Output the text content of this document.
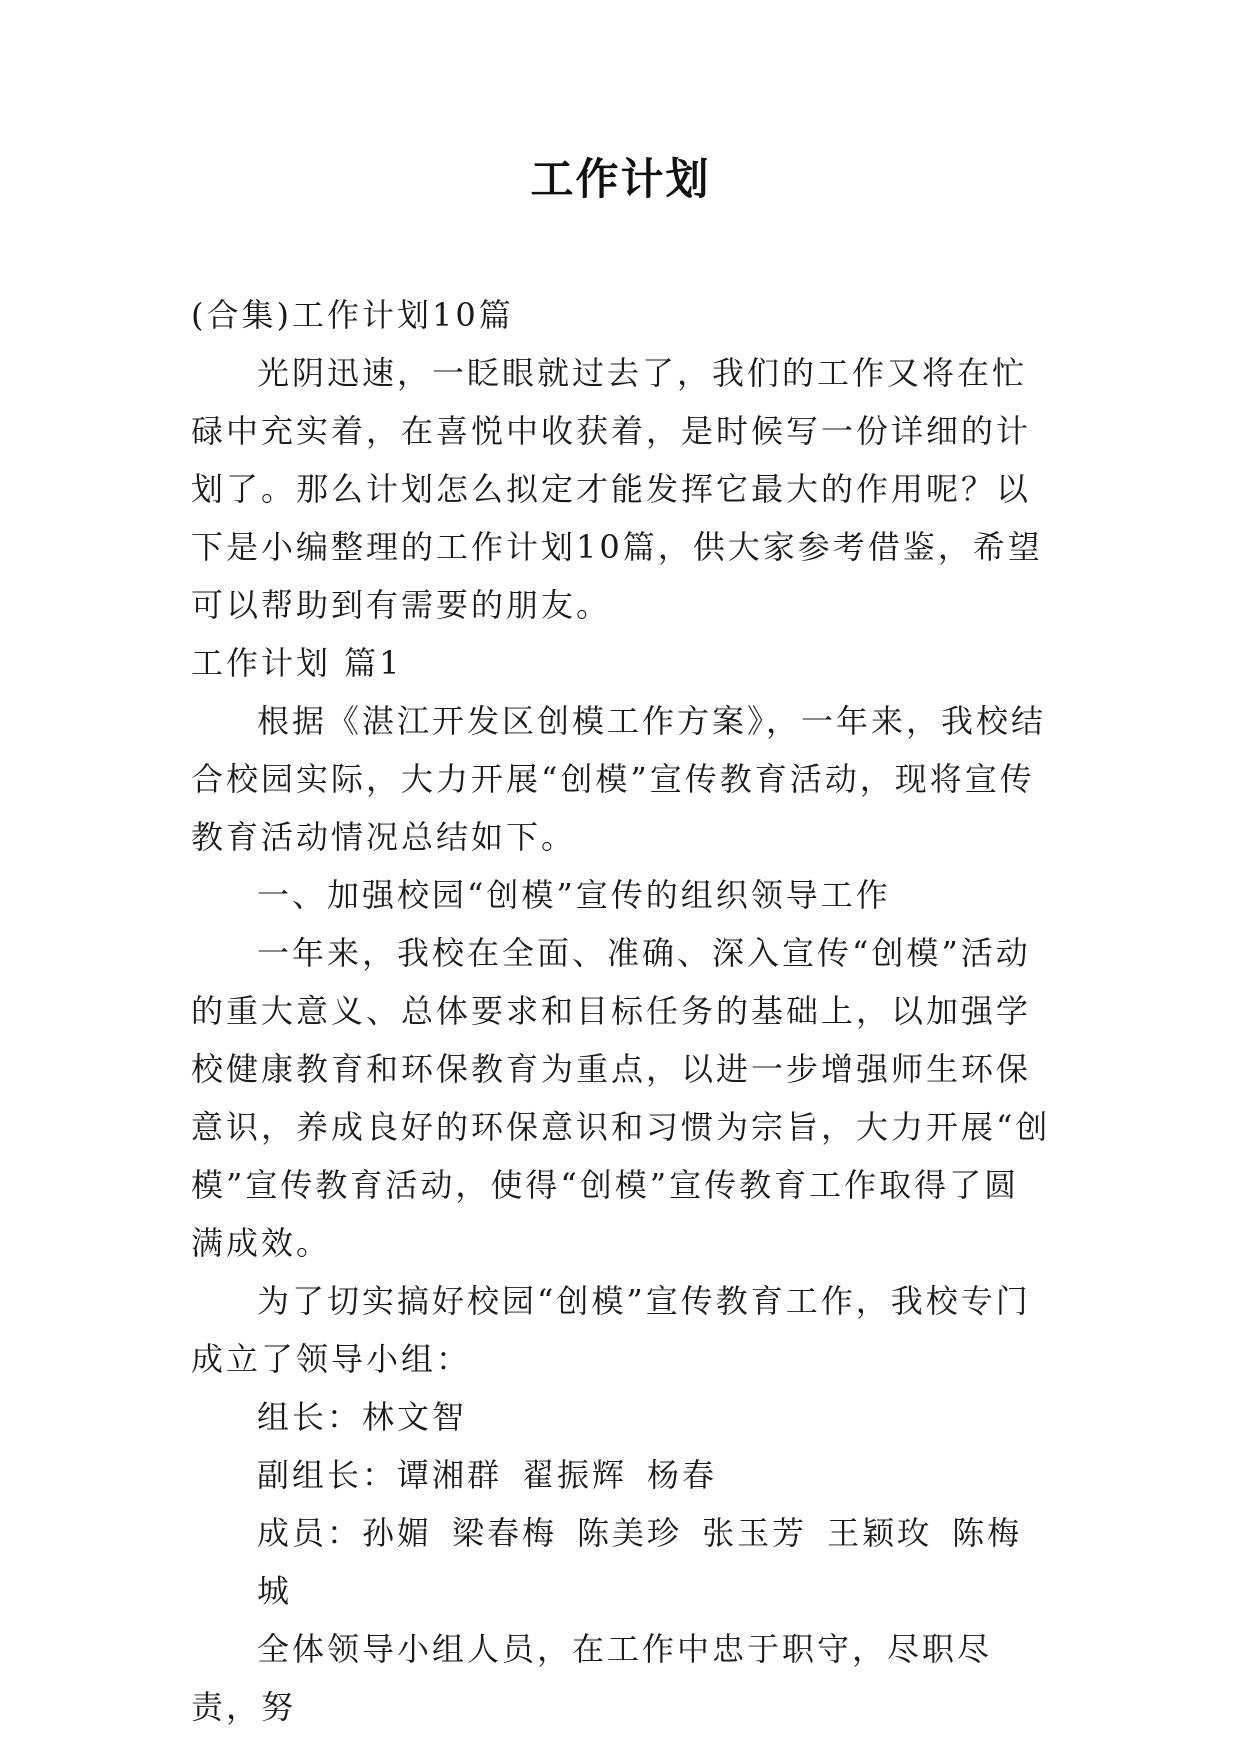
工作计划

(合集)工作计划10篇

光阴迅速，一眨眼就过去了，我们的工作又将在忙碌中充实着，在喜悦中收获着，是时候写一份详细的计划了。那么计划怎么拟定才能发挥它最大的作用呢？以下是小编整理的工作计划10篇，供大家参考借鉴，希望可以帮助到有需要的朋友。

工作计划 篇1

根据《湛江开发区创模工作方案》，一年来，我校结合校园实际，大力开展“创模”宣传教育活动，现将宣传教育活动情况总结如下。

一、加强校园“创模”宣传的组织领导工作

一年来，我校在全面、准确、深入宣传“创模”活动的重大意义、总体要求和目标任务的基础上，以加强学校健康教育和环保教育为重点，以进一步增强师生环保意识，养成良好的环保意识和习惯为宗旨，大力开展“创模”宣传教育活动，使得“创模”宣传教育工作取得了圆满成效。

为了切实搞好校园“创模”宣传教育工作，我校专门成立了领导小组：

组长：林文智

副组长：谭湘群 翟振辉 杨春

成员：孙媚 梁春梅 陈美珍 张玉芳 王颖玫 陈梅城

全体领导小组人员，在工作中忠于职守，尽职尽责，努
